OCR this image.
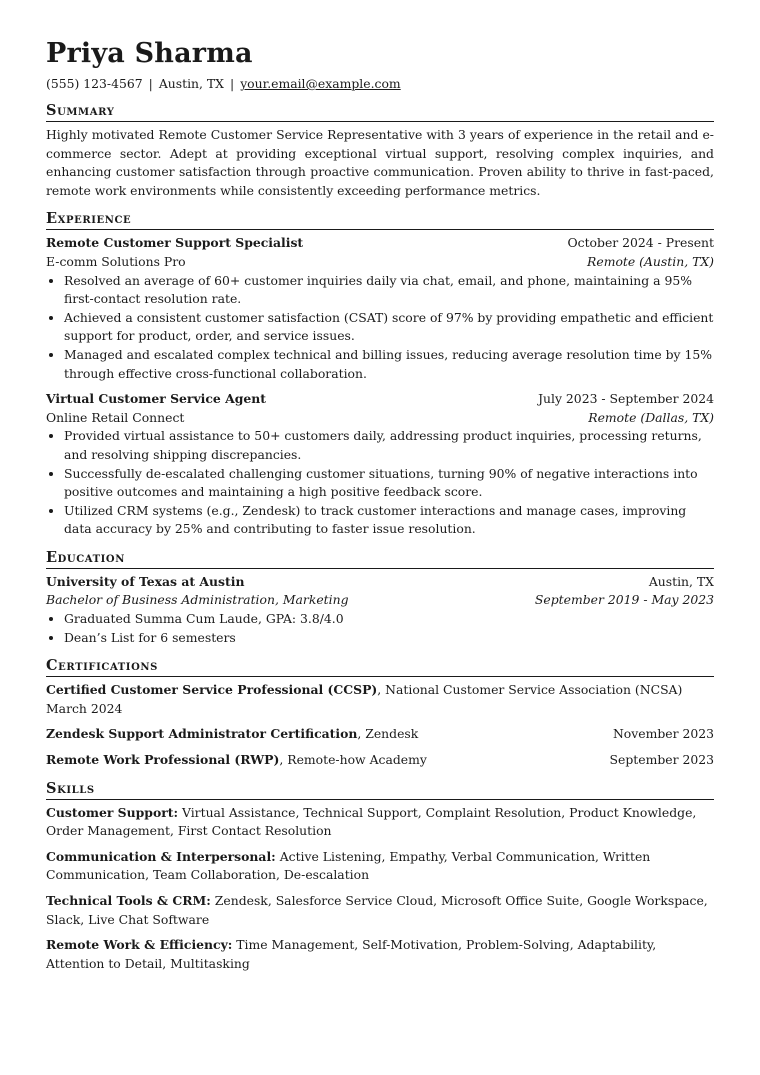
Priya Sharma
(555) 123-4567 | Austin, TX | your.email@example.com
Summary

Highly motivated Remote Customer Service Representative with 3 years of experience in the retail and e-commerce sector. Adept at providing exceptional virtual support, resolving complex inquiries, and enhancing customer satisfaction through proactive communication. Proven ability to thrive in fast-paced, remote work environments while consistently exceeding performance metrics.

Experience
Remote Customer Support Specialist	October 2024 - Present
E-comm Solutions Pro	Remote (Austin, TX)
• Resolved an average of 60+ customer inquiries daily via chat, email, and phone, maintaining a 95% first-contact resolution rate.
• Achieved a consistent customer satisfaction (CSAT) score of 97% by providing empathetic and efficient support for product, order, and service issues.
• Managed and escalated complex technical and billing issues, reducing average resolution time by 15% through effective cross-functional collaboration.
Virtual Customer Service Agent	July 2023 - September 2024
Online Retail Connect	Remote (Dallas, TX)
• Provided virtual assistance to 50+ customers daily, addressing product inquiries, processing returns, and resolving shipping discrepancies.
• Successfully de-escalated challenging customer situations, turning 90% of negative interactions into positive outcomes and maintaining a high positive feedback score.
• Utilized CRM systems (e.g., Zendesk) to track customer interactions and manage cases, improving data accuracy by 25% and contributing to faster issue resolution.
Education
University of Texas at Austin	Austin, TX
Bachelor of Business Administration, Marketing	September 2019 - May 2023
• Graduated Summa Cum Laude, GPA: 3.8/4.0
• Dean’s List for 6 semesters
Certifications
Certified Customer Service Professional (CCSP), National Customer Service Association (NCSA)
March 2024
Zendesk Support Administrator Certification, Zendesk	November 2023
Remote Work Professional (RWP), Remote-how Academy	September 2023
Skills
Customer Support: Virtual Assistance, Technical Support, Complaint Resolution, Product Knowledge, Order Management, First Contact Resolution
Communication & Interpersonal: Active Listening, Empathy, Verbal Communication, Written Communication, Team Collaboration, De-escalation
Technical Tools & CRM: Zendesk, Salesforce Service Cloud, Microsoft Office Suite, Google Workspace, Slack, Live Chat Software
Remote Work & Efficiency: Time Management, Self-Motivation, Problem-Solving, Adaptability, Attention to Detail, Multitasking
